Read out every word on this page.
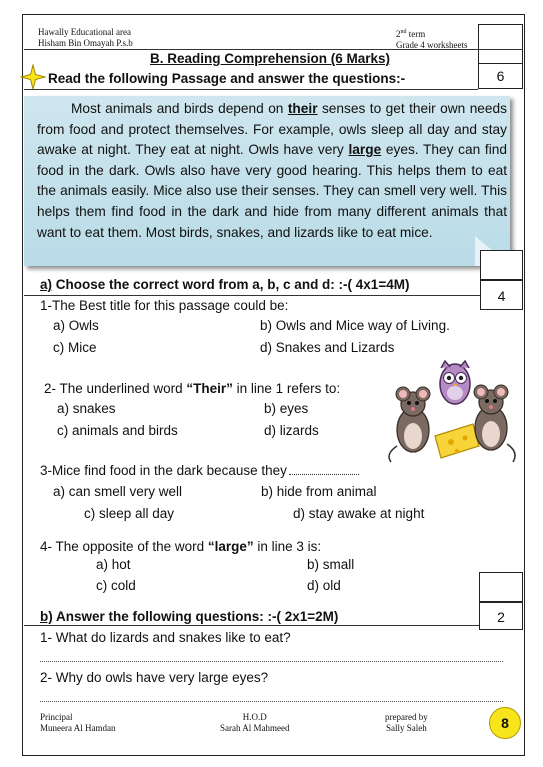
Hawally Educational area
Hisham Bin Omayah P.s.b
2nd term
Grade 4 worksheets
6
B. Reading Comprehension (6 Marks)
Read the following Passage and answer the questions:-
Most animals and birds depend on their senses to get their own needs from food and protect themselves. For example, owls sleep all day and stay awake at night. They eat at night. Owls have very large eyes. They can find food in the dark. Owls also have very good hearing. This helps them to eat the animals easily. Mice also use their senses. They can smell very well. This helps them find food in the dark and hide from many different animals that want to eat them. Most birds, snakes, and lizards like to eat mice.
4
a) Choose the correct word from a, b, c and d: :-( 4x1=4M)
1-The Best title for this passage could be:
a) Owls	b) Owls and Mice way of Living.
c) Mice	d) Snakes and Lizards
2- The underlined word “Their” in line 1 refers to:
a) snakes	b) eyes
c) animals and birds	d) lizards
3-Mice find food in the dark because they
a) can smell very well	b) hide from animal
c) sleep all day	d) stay awake at night
4- The opposite of the word “large” in line 3 is:
a) hot	b) small
c) cold	d) old
2
b) Answer the following questions: :-( 2x1=2M)
1- What do lizards and snakes like to eat?
2- Why do owls have very large eyes?
Principal
Muneera Al Hamdan
H.O.D
Sarah Al Mahmeed
prepared by
Sally Saleh	8
